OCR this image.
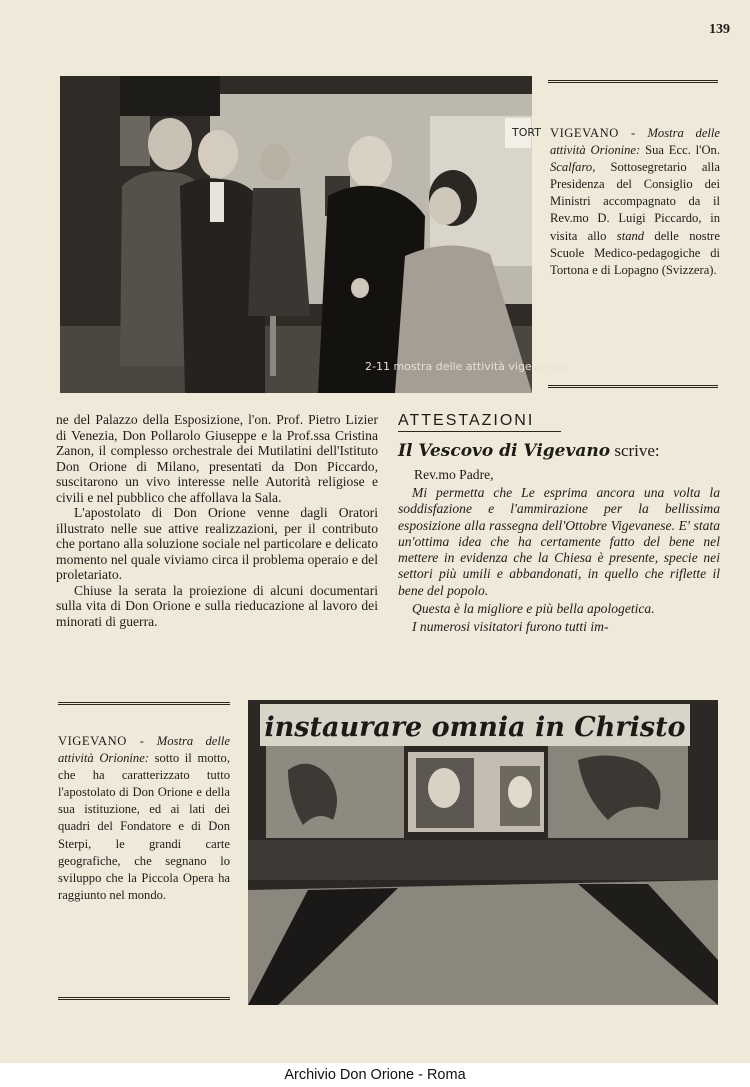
139
TORT
2-11 mostra delle attività vigevanesi
VIGEVANO - Mostra delle attività Orionine: Sua Ecc. l'On. Scalfaro, Sottosegretario alla Presidenza del Consiglio dei Ministri accompagnato da il Rev.mo D. Luigi Piccardo, in visita allo stand delle nostre Scuole Medico-pedagogiche di Tortona e di Lopagno (Svizzera).

ne del Palazzo della Esposizione, l'on. Prof. Pietro Lizier di Venezia, Don Pollarolo Giuseppe e la Prof.ssa Cristina Zanon, il complesso orchestrale dei Mutilatini dell'Istituto Don Orione di Milano, presentati da Don Piccardo, suscitarono un vivo interesse nelle Autorità religiose e civili e nel pubblico che affollava la Sala.

L'apostolato di Don Orione venne dagli Oratori illustrato nelle sue attive realizzazioni, per il contributo che portano alla soluzione sociale nel particolare e delicato momento nel quale viviamo circa il problema operaio e del proletariato.

Chiuse la serata la proiezione di alcuni documentari sulla vita di Don Orione e sulla rieducazione al lavoro dei minorati di guerra.

ATTESTAZIONI
Il Vescovo di Vigevano scrive:
Rev.mo Padre,

Mi permetta che Le esprima ancora una volta la soddisfazione e l'ammirazione per la bellissima esposizione alla rassegna dell'Ottobre Vigevanese. E' stata un'ottima idea che ha certamente fatto del bene nel mettere in evidenza che la Chiesa è presente, specie nei settori più umili e abbandonati, in quello che riflette il bene del popolo.

Questa è la migliore e più bella apologetica.

I numerosi visitatori furono tutti im-

VIGEVANO - Mostra delle attività Orionine: sotto il motto, che ha caratterizzato tutto l'apostolato di Don Orione e della sua istituzione, ed ai lati dei quadri del Fondatore e di Don Sterpi, le grandi carte geografiche, che segnano lo sviluppo che la Piccola Opera ha raggiunto nel mondo.
instaurare omnia in Christo
Archivio Don Orione - Roma
